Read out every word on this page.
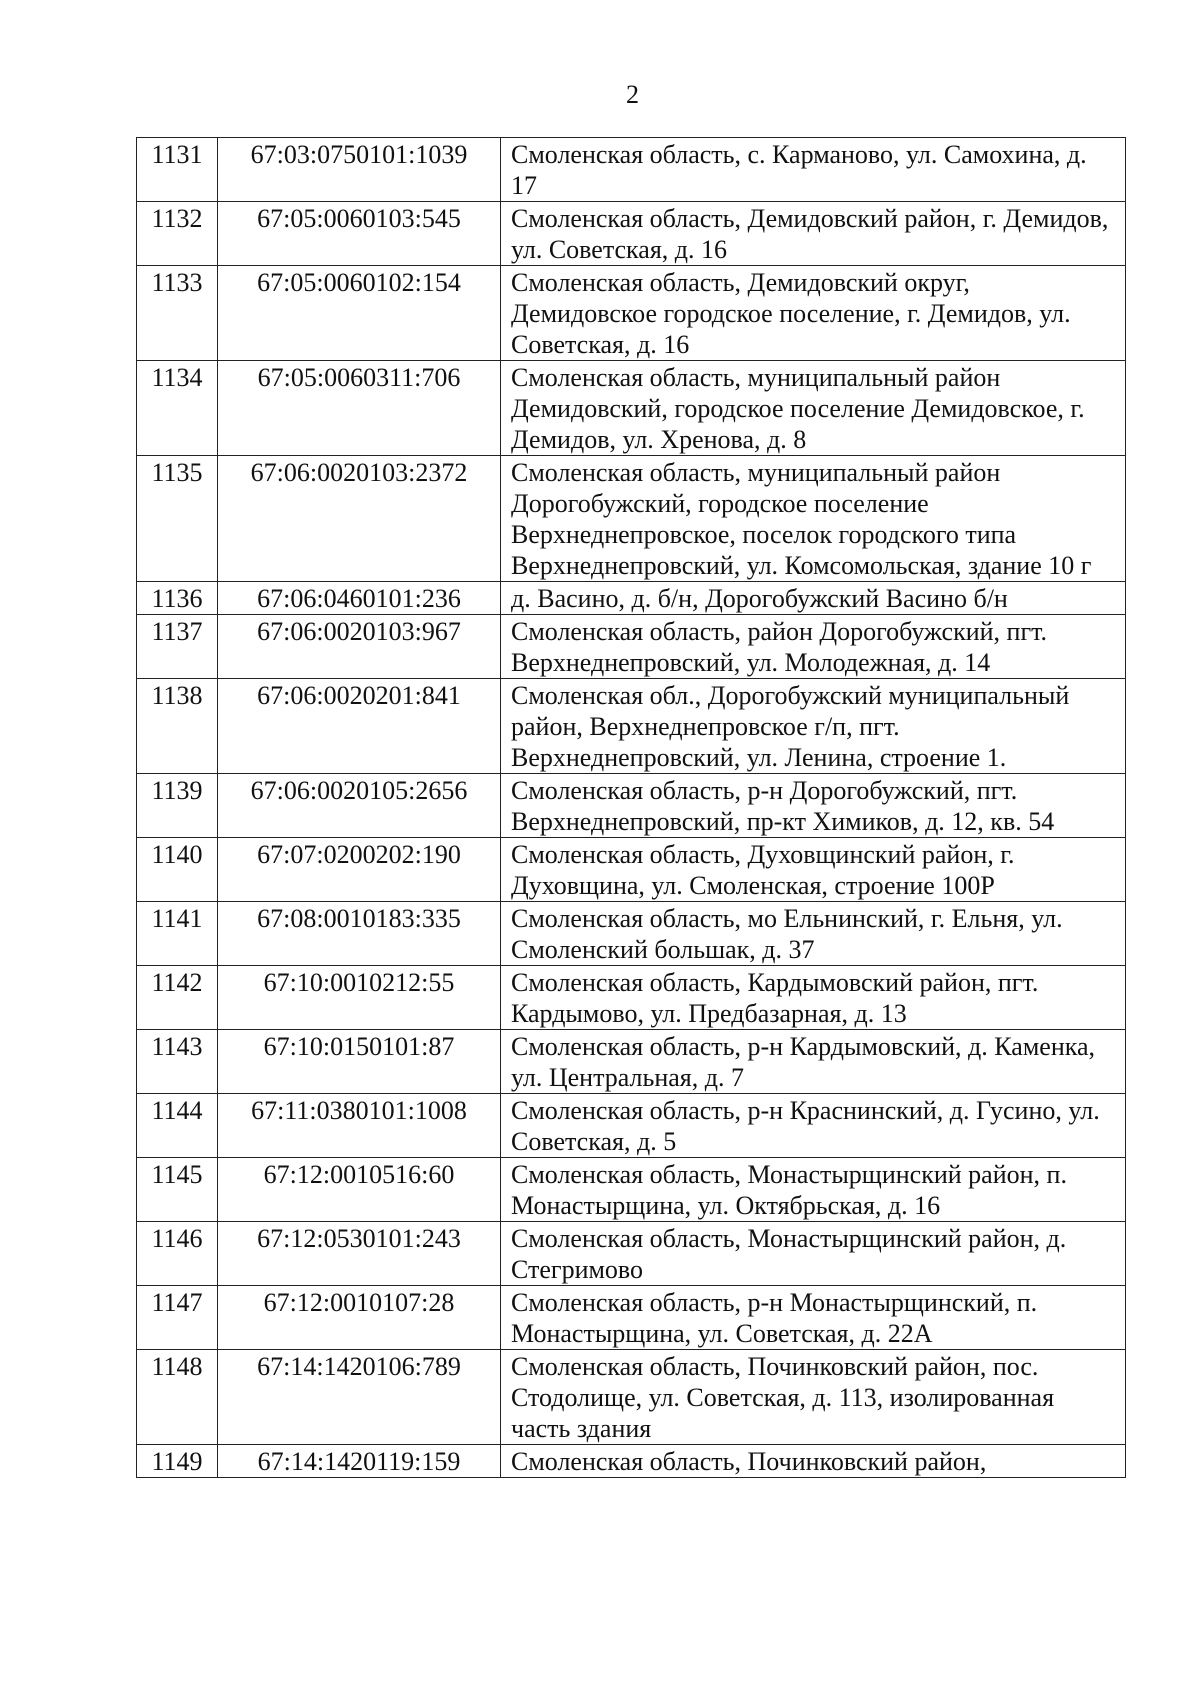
2
1131	67:03:0750101:1039	Смоленская область, с. Карманово, ул. Самохина, д. 17
1132	67:05:0060103:545	Смоленская область, Демидовский район, г. Демидов, ул. Советская, д. 16
1133	67:05:0060102:154	Смоленская область, Демидовский округ, Демидовское городское поселение, г. Демидов, ул. Советская, д. 16
1134	67:05:0060311:706	Смоленская область, муниципальный район Демидовский, городское поселение Демидовское, г. Демидов, ул. Хренова, д. 8
1135	67:06:0020103:2372	Смоленская область, муниципальный район Дорогобужский, городское поселение Верхнеднепровское, поселок городского типа Верхнеднепровский, ул. Комсомольская, здание 10 г
1136	67:06:0460101:236	д. Васино, д. б/н, Дорогобужский Васино б/н
1137	67:06:0020103:967	Смоленская область, район Дорогобужский, пгт. Верхнеднепровский, ул. Молодежная, д. 14
1138	67:06:0020201:841	Смоленская обл., Дорогобужский муниципальный район, Верхнеднепровское г/п, пгт. Верхнеднепровский, ул. Ленина, строение 1.
1139	67:06:0020105:2656	Смоленская область, р-н Дорогобужский, пгт. Верхнеднепровский, пр-кт Химиков, д. 12, кв. 54
1140	67:07:0200202:190	Смоленская область, Духовщинский район, г. Духовщина, ул. Смоленская, строение 100Р
1141	67:08:0010183:335	Смоленская область, мо Ельнинский, г. Ельня, ул. Смоленский большак, д. 37
1142	67:10:0010212:55	Смоленская область, Кардымовский район, пгт. Кардымово, ул. Предбазарная, д. 13
1143	67:10:0150101:87	Смоленская область, р-н Кардымовский, д. Каменка, ул. Центральная, д. 7
1144	67:11:0380101:1008	Смоленская область, р-н Краснинский, д. Гусино, ул. Советская, д. 5
1145	67:12:0010516:60	Смоленская область, Монастырщинский район, п. Монастырщина, ул. Октябрьская, д. 16
1146	67:12:0530101:243	Смоленская область, Монастырщинский район, д. Стегримово
1147	67:12:0010107:28	Смоленская область, р-н Монастырщинский, п. Монастырщина, ул. Советская, д. 22А
1148	67:14:1420106:789	Смоленская область, Починковский район, пос. Стодолище, ул. Советская, д. 113, изолированная часть здания
1149	67:14:1420119:159	Смоленская область, Починковский район,
